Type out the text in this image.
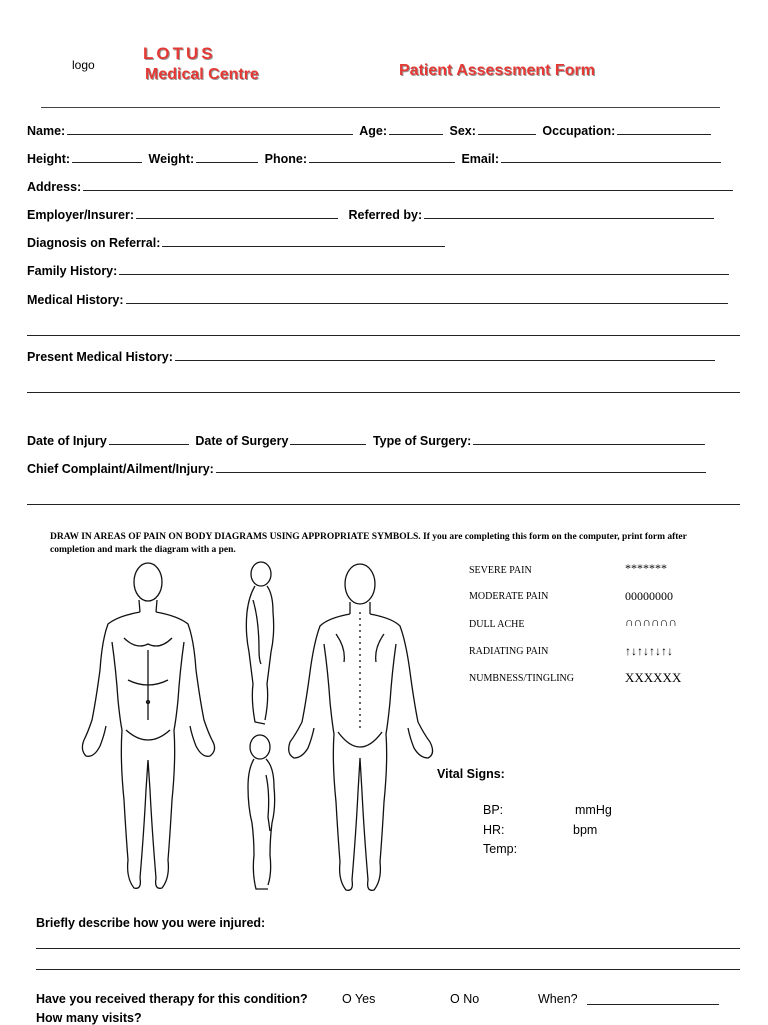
logo
LOTUS
Medical Centre	Patient Assessment Form
Name:	Age:	Sex:	Occupation:
Height:	Weight:	Phone:	Email:
Address:
Employer/Insurer:	Referred by:
Diagnosis on Referral:
Family History:
Medical History:
Present Medical History:
Date of Injury	Date of Surgery	Type of Surgery:
Chief Complaint/Ailment/Injury:
DRAW IN AREAS OF PAIN ON BODY DIAGRAMS USING APPROPRIATE SYMBOLS. If you are completing this form on the computer, print form after completion and mark the diagram with a pen.
SEVERE PAIN	*******
MODERATE PAIN	00000000
DULL ACHE	∩∩∩∩∩∩
RADIATING PAIN	↑↓↑↓↑↓↑↓
NUMBNESS/TINGLING	XXXXXX
Vital Signs:
BP:	mmHg
HR:	bpm
Temp:
Briefly describe how you were injured:
Have you received therapy for this condition?	O Yes	O No	When?
How many visits?
